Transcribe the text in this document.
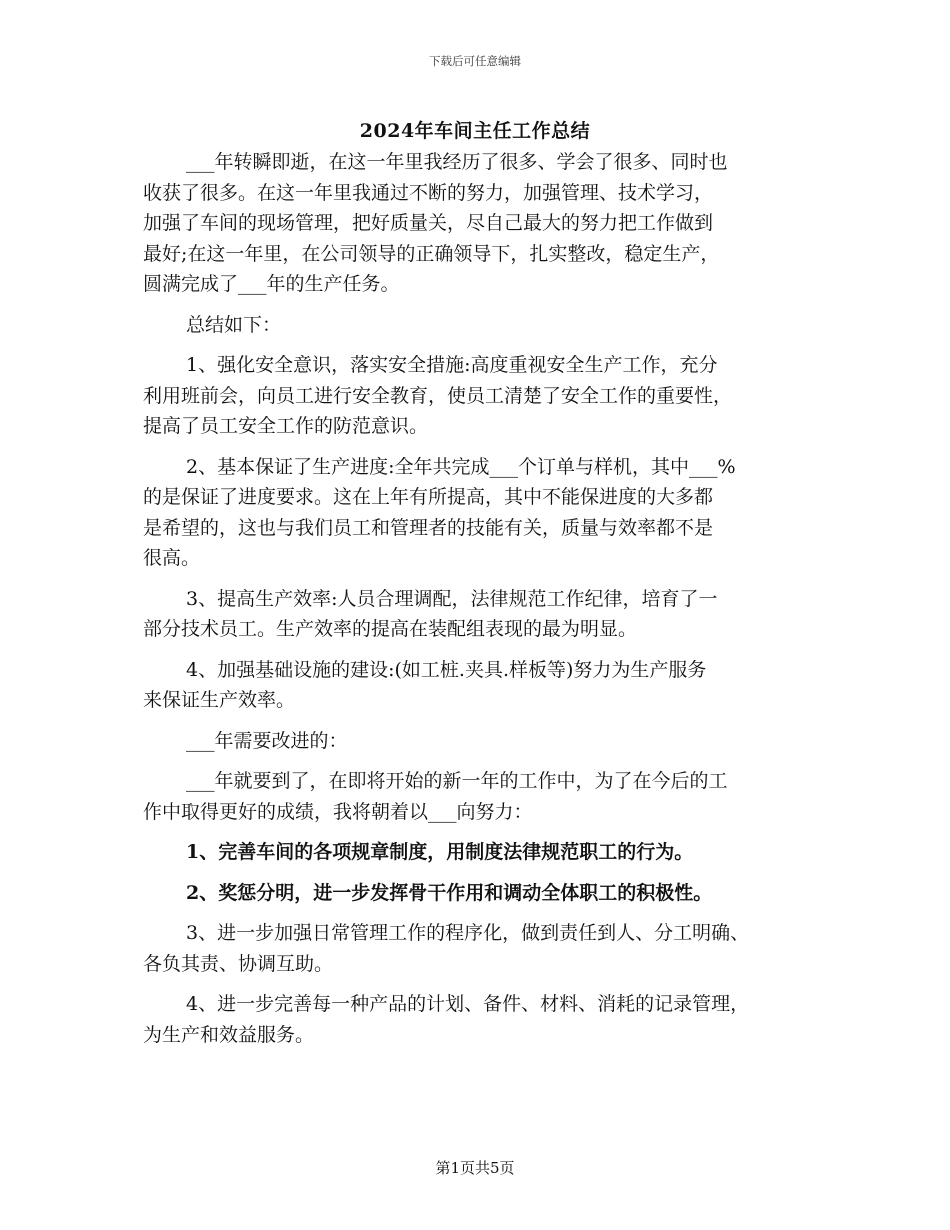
下载后可任意编辑
2024年车间主任工作总结
___年转瞬即逝，在这一年里我经历了很多、学会了很多、同时也
收获了很多。在这一年里我通过不断的努力，加强管理、技术学习，
加强了车间的现场管理，把好质量关，尽自己最大的努力把工作做到
最好;在这一年里，在公司领导的正确领导下，扎实整改，稳定生产，
圆满完成了___年的生产任务。
总结如下：
1、强化安全意识，落实安全措施:高度重视安全生产工作，充分
利用班前会，向员工进行安全教育，使员工清楚了安全工作的重要性，
提高了员工安全工作的防范意识。
2、基本保证了生产进度:全年共完成___个订单与样机，其中___%
的是保证了进度要求。这在上年有所提高，其中不能保进度的大多都
是希望的，这也与我们员工和管理者的技能有关，质量与效率都不是
很高。
3、提高生产效率:人员合理调配，法律规范工作纪律，培育了一
部分技术员工。生产效率的提高在装配组表现的最为明显。
4、加强基础设施的建设:(如工桩.夹具.样板等)努力为生产服务
来保证生产效率。
___年需要改进的：
___年就要到了，在即将开始的新一年的工作中，为了在今后的工
作中取得更好的成绩，我将朝着以___向努力：
1、完善车间的各项规章制度，用制度法律规范职工的行为。
2、奖惩分明，进一步发挥骨干作用和调动全体职工的积极性。
3、进一步加强日常管理工作的程序化，做到责任到人、分工明确、
各负其责、协调互助。
4、进一步完善每一种产品的计划、备件、材料、消耗的记录管理，
为生产和效益服务。
第1页共5页
